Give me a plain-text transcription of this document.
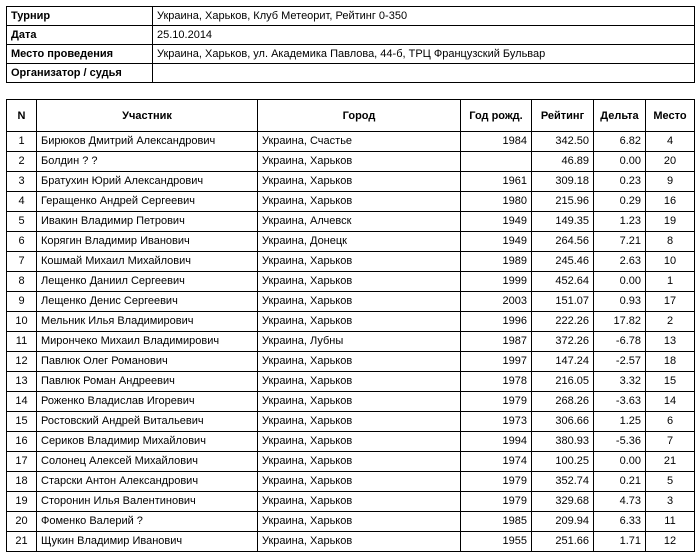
Турнир	Украина, Харьков, Клуб Метеорит, Рейтинг 0-350
Дата	25.10.2014
Место проведения	Украина, Харьков, ул. Академика Павлова, 44-б, ТРЦ Французский Бульвар
Организатор / судья	
N	Участник	Город	Год рожд.	Рейтинг	Дельта	Место
1	Бирюков Дмитрий Александрович	Украина, Счастье	1984	342.50	6.82	4
2	Болдин ? ?	Украина, Харьков		46.89	0.00	20
3	Братухин Юрий Александрович	Украина, Харьков	1961	309.18	0.23	9
4	Геращенко Андрей Сергеевич	Украина, Харьков	1980	215.96	0.29	16
5	Ивакин Владимир Петрович	Украина, Алчевск	1949	149.35	1.23	19
6	Корягин Владимир Иванович	Украина, Донецк	1949	264.56	7.21	8
7	Кошмай Михаил Михайлович	Украина, Харьков	1989	245.46	2.63	10
8	Лещенко Даниил Сергеевич	Украина, Харьков	1999	452.64	0.00	1
9	Лещенко Денис Сергеевич	Украина, Харьков	2003	151.07	0.93	17
10	Мельник Илья Владимирович	Украина, Харьков	1996	222.26	17.82	2
11	Мирончеко Михаил Владимирович	Украина, Лубны	1987	372.26	-6.78	13
12	Павлюк Олег Романович	Украина, Харьков	1997	147.24	-2.57	18
13	Павлюк Роман Андреевич	Украина, Харьков	1978	216.05	3.32	15
14	Роженко Владислав Игоревич	Украина, Харьков	1979	268.26	-3.63	14
15	Ростовский Андрей Витальевич	Украина, Харьков	1973	306.66	1.25	6
16	Сериков Владимир Михайлович	Украина, Харьков	1994	380.93	-5.36	7
17	Солонец Алексей Михайлович	Украина, Харьков	1974	100.25	0.00	21
18	Старски Антон Александрович	Украина, Харьков	1979	352.74	0.21	5
19	Сторонин Илья Валентинович	Украина, Харьков	1979	329.68	4.73	3
20	Фоменко Валерий ?	Украина, Харьков	1985	209.94	6.33	11
21	Щукин Владимир Иванович	Украина, Харьков	1955	251.66	1.71	12
